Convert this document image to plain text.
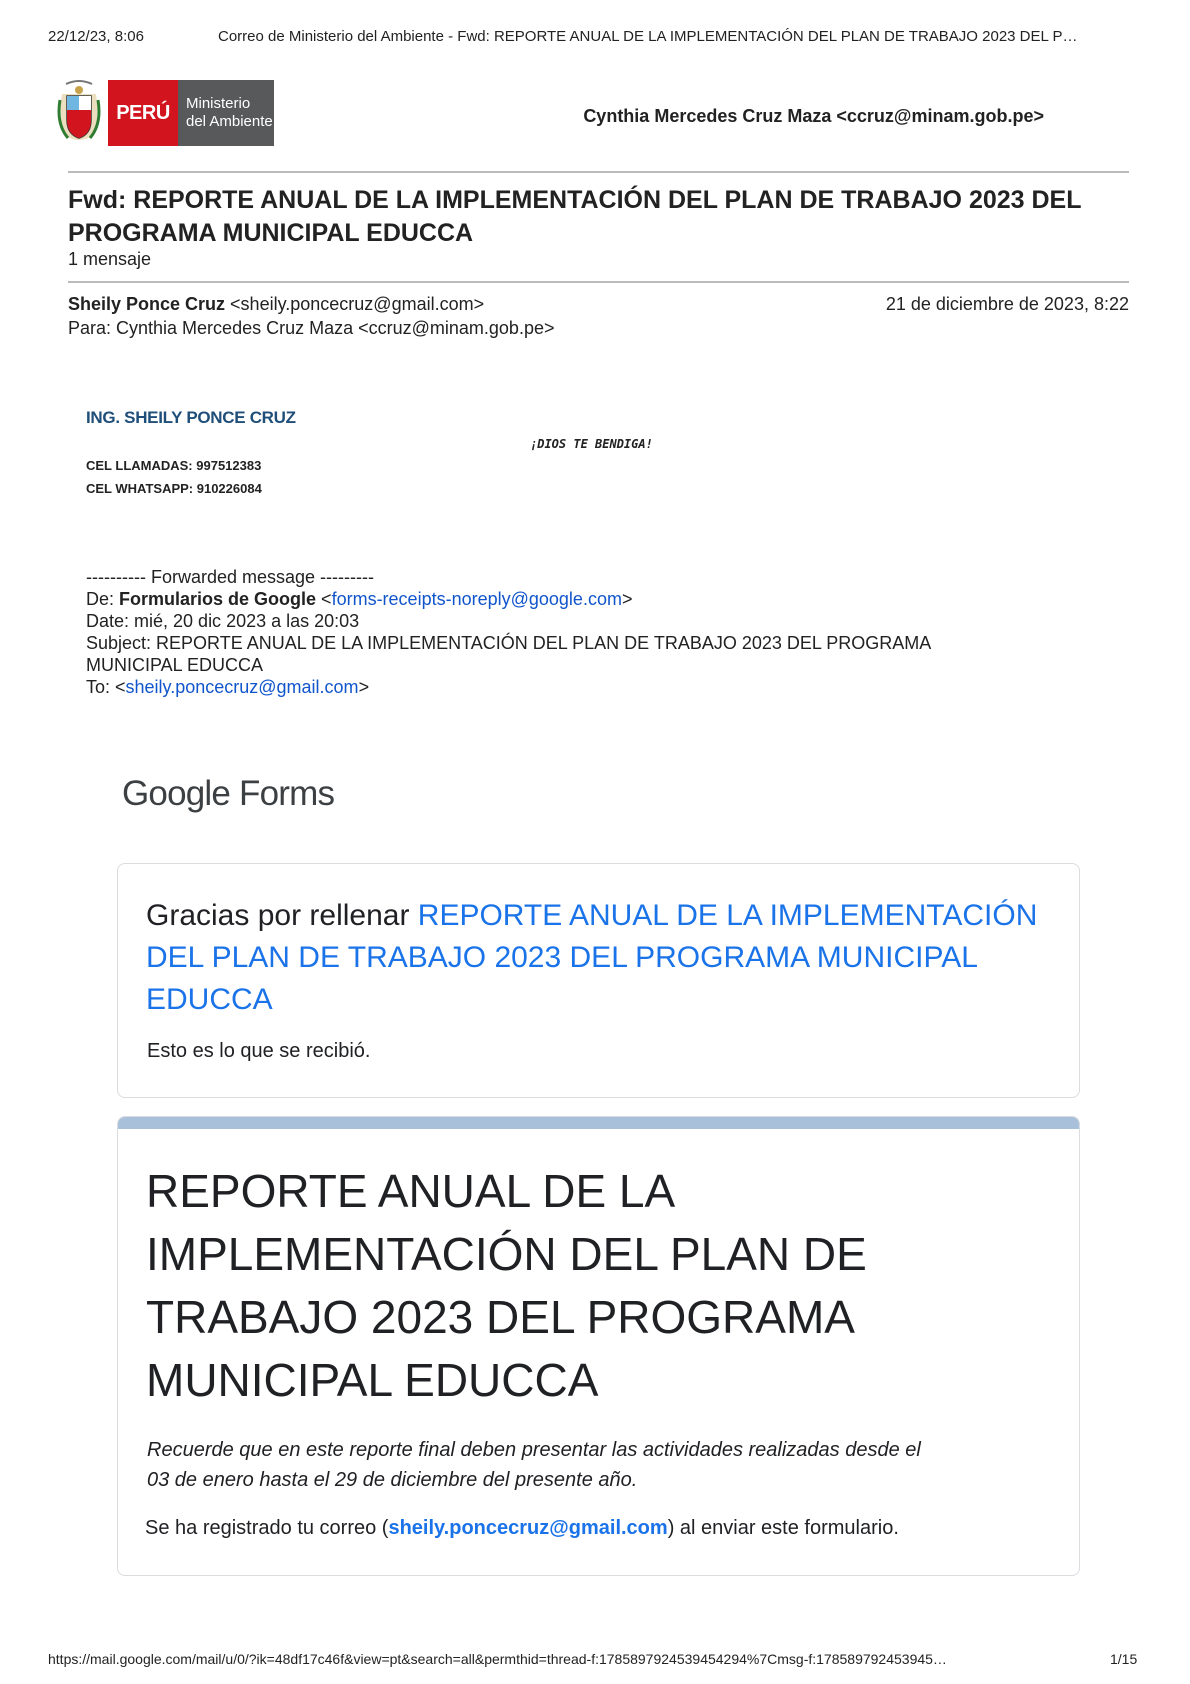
22/12/23, 8:06	Correo de Ministerio del Ambiente - Fwd: REPORTE ANUAL DE LA IMPLEMENTACIÓN DEL PLAN DE TRABAJO 2023 DEL P…
PERÚ	Ministerio
del Ambiente	Cynthia Mercedes Cruz Maza <ccruz@minam.gob.pe>
Fwd: REPORTE ANUAL DE LA IMPLEMENTACIÓN DEL PLAN DE TRABAJO 2023 DEL PROGRAMA MUNICIPAL EDUCCA
1 mensaje
Sheily Ponce Cruz <sheily.poncecruz@gmail.com>	21 de diciembre de 2023, 8:22
Para: Cynthia Mercedes Cruz Maza <ccruz@minam.gob.pe>
ING. SHEILY PONCE CRUZ
¡DIOS TE BENDIGA!
CEL LLAMADAS: 997512383
CEL WHATSAPP: 910226084
---------- Forwarded message ---------
De: Formularios de Google <forms-receipts-noreply@google.com>
Date: mié, 20 dic 2023 a las 20:03
Subject: REPORTE ANUAL DE LA IMPLEMENTACIÓN DEL PLAN DE TRABAJO 2023 DEL PROGRAMA
MUNICIPAL EDUCCA
To: <sheily.poncecruz@gmail.com>
Google Forms
Gracias por rellenar REPORTE ANUAL DE LA IMPLEMENTACIÓN DEL PLAN DE TRABAJO 2023 DEL PROGRAMA MUNICIPAL EDUCCA
Esto es lo que se recibió.
REPORTE ANUAL DE LA IMPLEMENTACIÓN DEL PLAN DE TRABAJO 2023 DEL PROGRAMA MUNICIPAL EDUCCA
Recuerde que en este reporte final deben presentar las actividades realizadas desde el 03 de enero hasta el 29 de diciembre del presente año.
Se ha registrado tu correo (sheily.poncecruz@gmail.com) al enviar este formulario.
https://mail.google.com/mail/u/0/?ik=48df17c46f&view=pt&search=all&permthid=thread-f:1785897924539454294%7Cmsg-f:178589792453945…	1/15
